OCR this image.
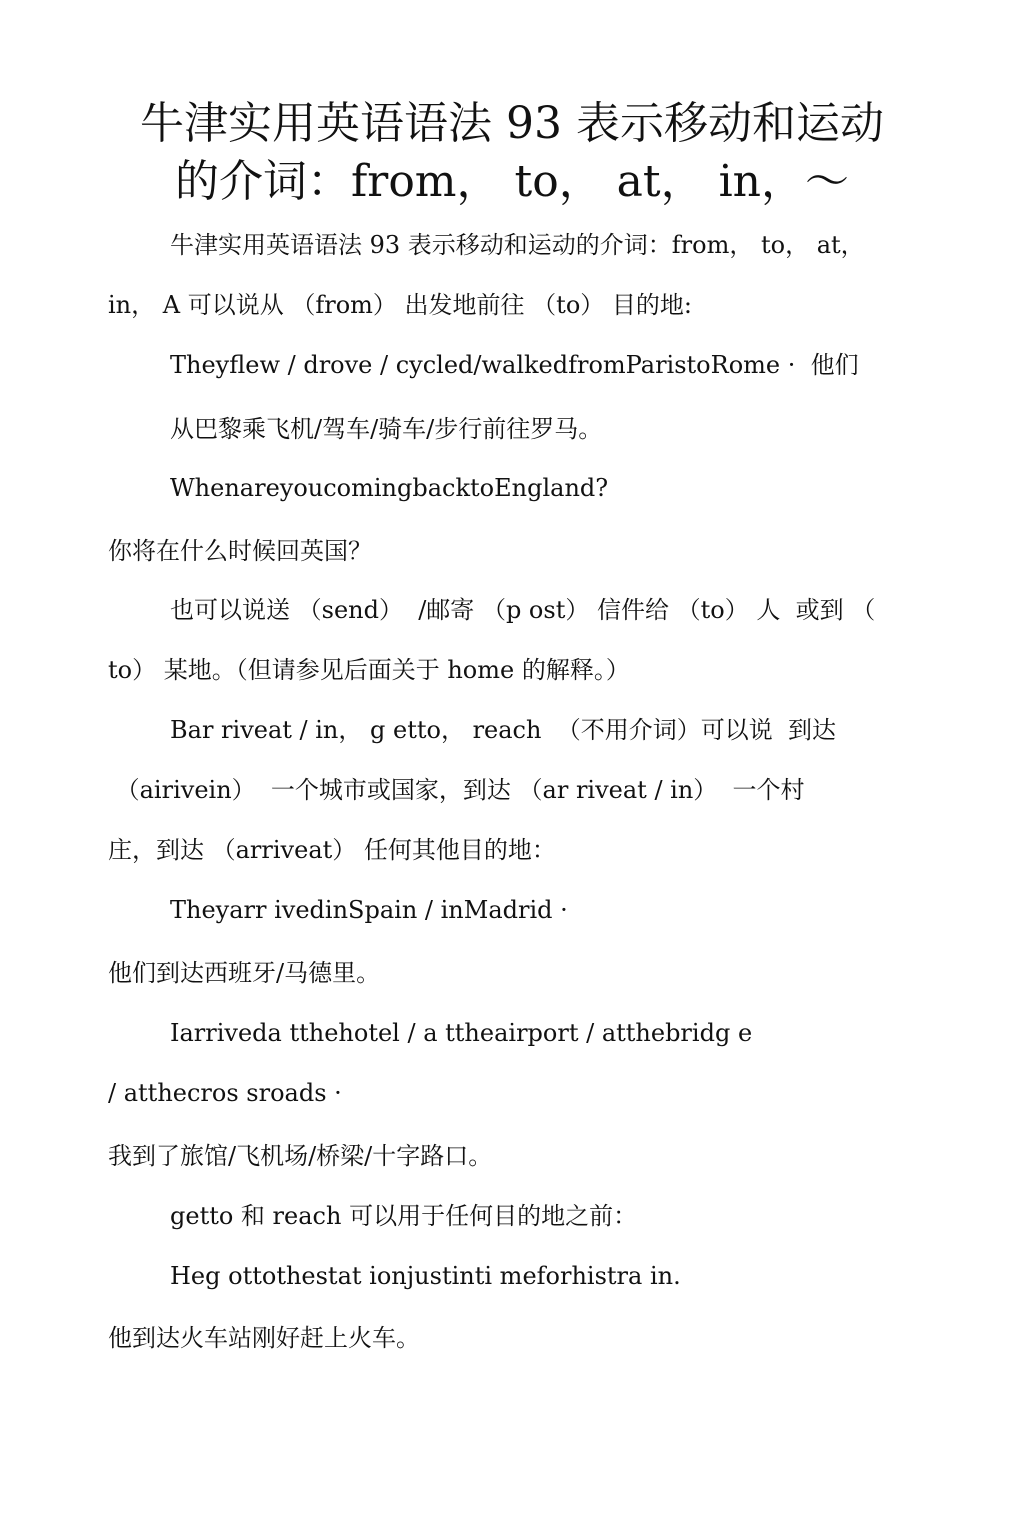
牛津实用英语语法 93 表示移动和运动
的介词：from， to， at， in，～
牛津实用英语语法 93 表示移动和运动的介词：from， to， at，
in， A 可以说从 （from） 出发地前往 （to） 目的地:
Theyflew / drove / cycled/walkedfromParistoRome ·  他们
从巴黎乘飞机/驾车/骑车/步行前往罗马。
WhenareyoucomingbacktoEngland?
你将在什么时候回英国？
也可以说送 （send）  /邮寄 （p ost） 信件给 （to） 人  或到 （
to） 某地。（但请参见后面关于 home 的解释。）
Bar riveat / in， g etto， reach  （不用介词）可以说  到达
（airivein）  一个城市或国家，到达 （ar riveat / in）  一个村
庄，到达 （arriveat） 任何其他目的地：
Theyarr ivedinSpain / inMadrid ·
他们到达西班牙/马德里。
Iarriveda tthehotel / a ttheairport / atthebridg e
/ atthecros sroads ·
我到了旅馆/飞机场/桥梁/十字路口。
getto 和 reach 可以用于任何目的地之前：
Heg ottothestat ionjustinti meforhistra in.
他到达火车站刚好赶上火车。
